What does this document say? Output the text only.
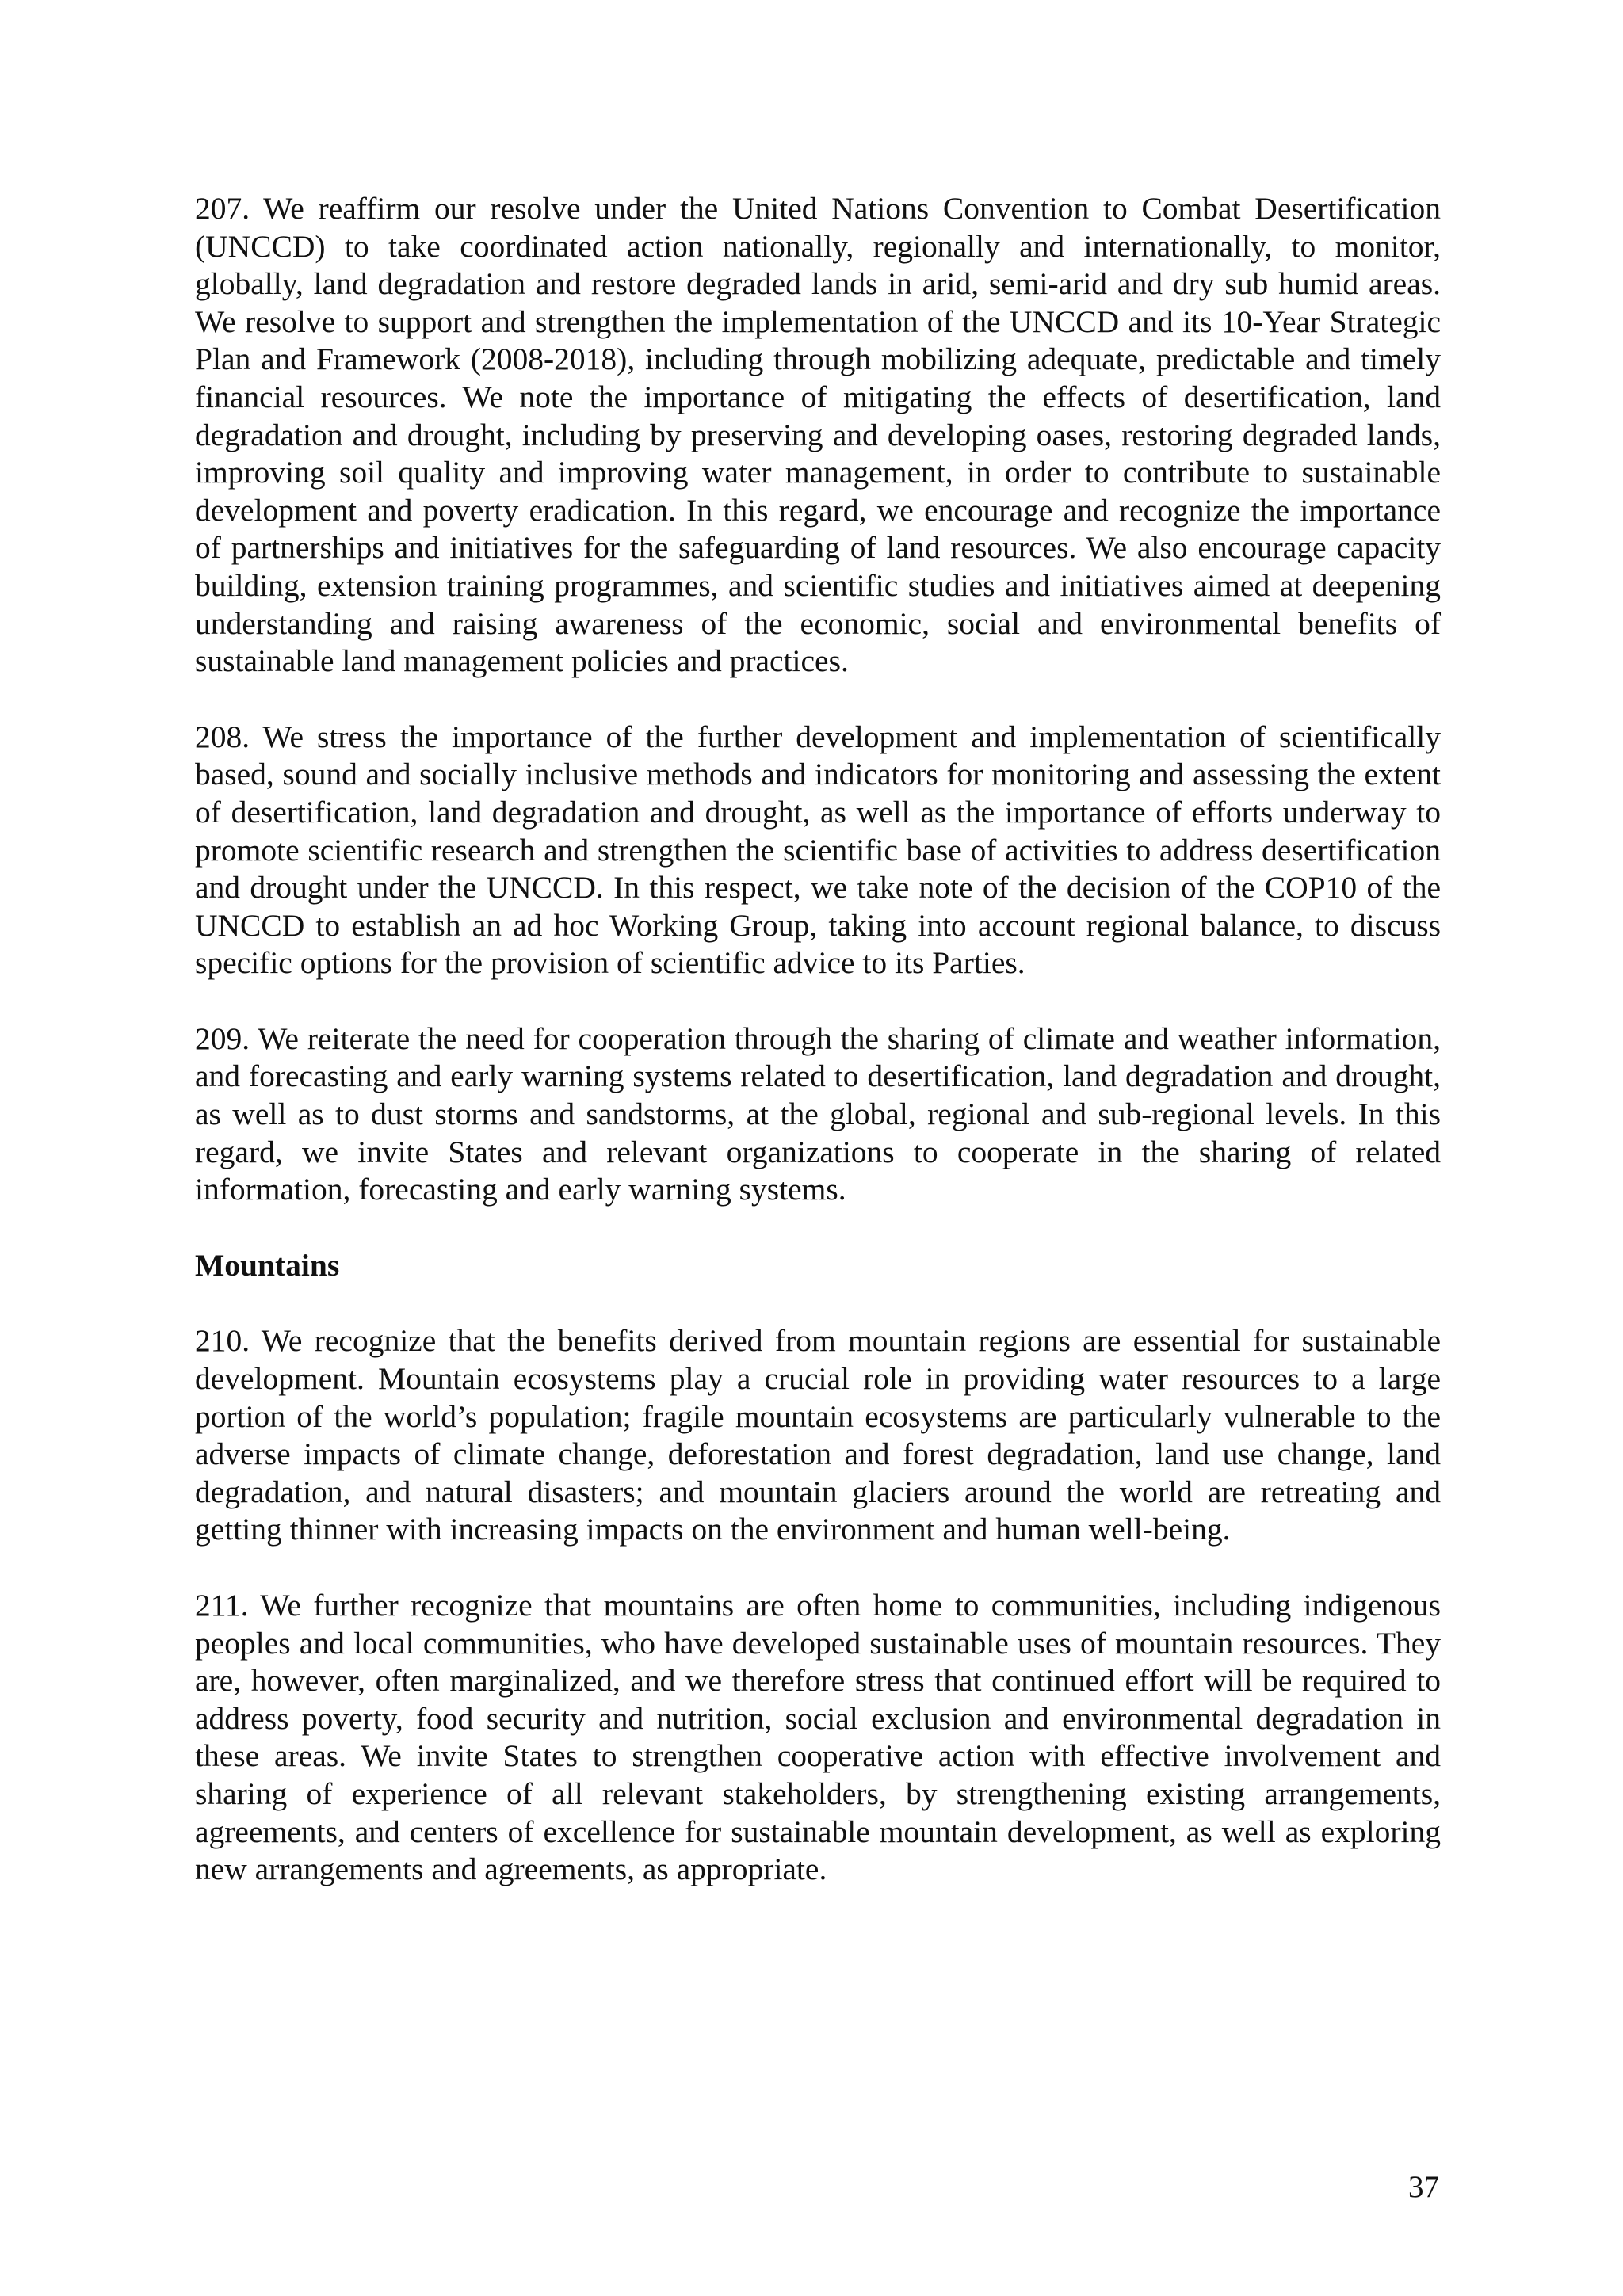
207. We reaffirm our resolve under the United Nations Convention to Combat Desertification (UNCCD) to take coordinated action nationally, regionally and internationally, to monitor, globally, land degradation and restore degraded lands in arid, semi-arid and dry sub humid areas. We resolve to support and strengthen the implementation of the UNCCD and its 10-Year Strategic Plan and Framework (2008-2018), including through mobilizing adequate, predictable and timely financial resources. We note the importance of mitigating the effects of desertification, land degradation and drought, including by preserving and developing oases, restoring degraded lands, improving soil quality and improving water management, in order to contribute to sustainable development and poverty eradication. In this regard, we encourage and recognize the importance of partnerships and initiatives for the safeguarding of land resources. We also encourage capacity building, extension training programmes, and scientific studies and initiatives aimed at deepening understanding and raising awareness of the economic, social and environmental benefits of sustainable land management policies and practices.

208. We stress the importance of the further development and implementation of scientifically based, sound and socially inclusive methods and indicators for monitoring and assessing the extent of desertification, land degradation and drought, as well as the importance of efforts underway to promote scientific research and strengthen the scientific base of activities to address desertification and drought under the UNCCD. In this respect, we take note of the decision of the COP10 of the UNCCD to establish an ad hoc Working Group, taking into account regional balance, to discuss specific options for the provision of scientific advice to its Parties.

209. We reiterate the need for cooperation through the sharing of climate and weather information, and forecasting and early warning systems related to desertification, land degradation and drought, as well as to dust storms and sandstorms, at the global, regional and sub-regional levels. In this regard, we invite States and relevant organizations to cooperate in the sharing of related information, forecasting and early warning systems.

Mountains

210. We recognize that the benefits derived from mountain regions are essential for sustainable development. Mountain ecosystems play a crucial role in providing water resources to a large portion of the world’s population; fragile mountain ecosystems are particularly vulnerable to the adverse impacts of climate change, deforestation and forest degradation, land use change, land degradation, and natural disasters; and mountain glaciers around the world are retreating and getting thinner with increasing impacts on the environment and human well-being.

211. We further recognize that mountains are often home to communities, including indigenous peoples and local communities, who have developed sustainable uses of mountain resources. They are, however, often marginalized, and we therefore stress that continued effort will be required to address poverty, food security and nutrition, social exclusion and environmental degradation in these areas. We invite States to strengthen cooperative action with effective involvement and sharing of experience of all relevant stakeholders, by strengthening existing arrangements, agreements, and centers of excellence for sustainable mountain development, as well as exploring new arrangements and agreements, as appropriate.

37
